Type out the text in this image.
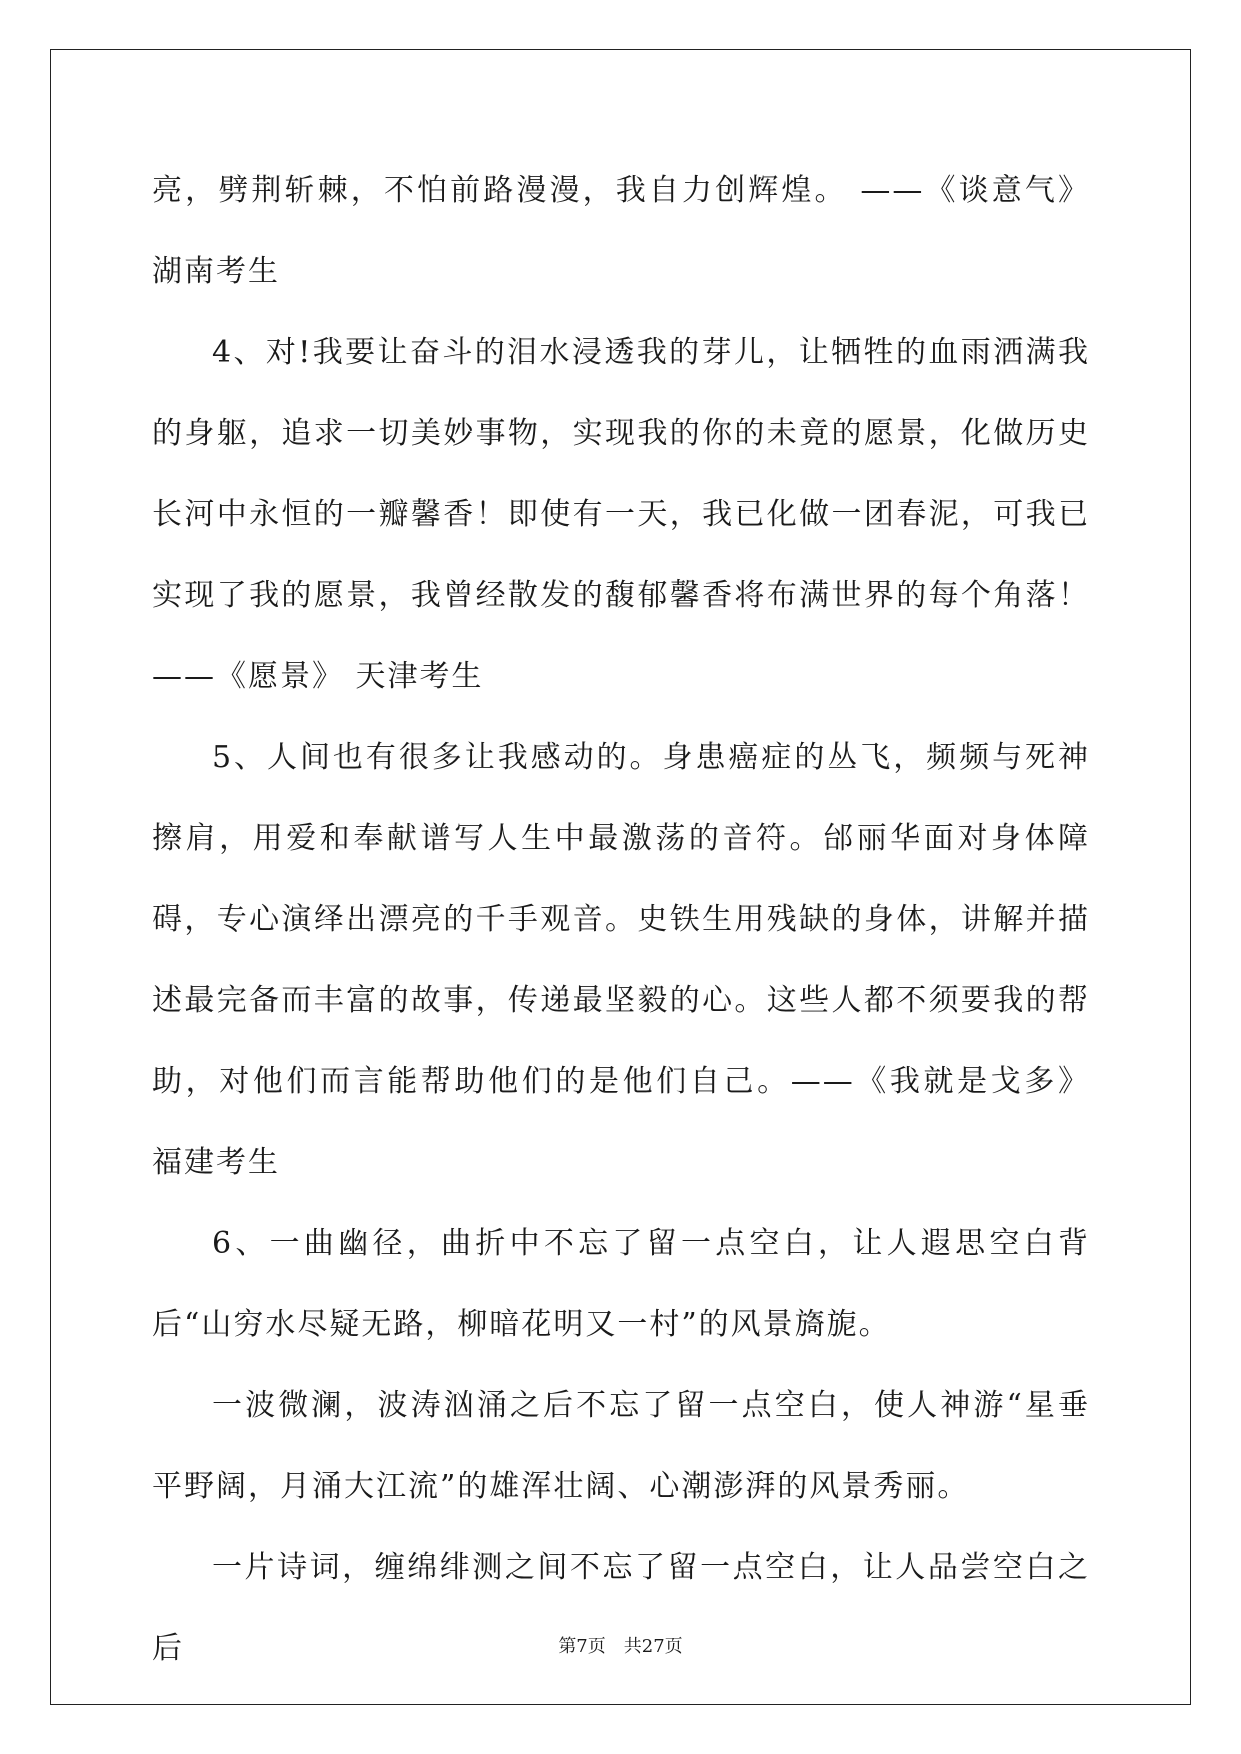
亮，劈荆斩棘，不怕前路漫漫，我自力创辉煌。 ——《谈意气》 湖南考生

4、对!我要让奋斗的泪水浸透我的芽儿，让牺牲的血雨洒满我的身躯，追求一切美妙事物，实现我的你的未竟的愿景，化做历史长河中永恒的一瓣馨香！即使有一天，我已化做一团春泥，可我已实现了我的愿景，我曾经散发的馥郁馨香将布满世界的每个角落！——《愿景》 天津考生

5、人间也有很多让我感动的。身患癌症的丛飞，频频与死神擦肩，用爱和奉献谱写人生中最激荡的音符。邰丽华面对身体障碍，专心演绎出漂亮的千手观音。史铁生用残缺的身体，讲解并描述最完备而丰富的故事，传递最坚毅的心。这些人都不须要我的帮助，对他们而言能帮助他们的是他们自己。——《我就是戈多》 福建考生

6、一曲幽径，曲折中不忘了留一点空白，让人遐思空白背后“山穷水尽疑无路，柳暗花明又一村”的风景旖旎。

一波微澜，波涛汹涌之后不忘了留一点空白，使人神游“星垂平野阔，月涌大江流”的雄浑壮阔、心潮澎湃的风景秀丽。

一片诗词，缠绵绯测之间不忘了留一点空白，让人品尝空白之后	第7页　共27页
